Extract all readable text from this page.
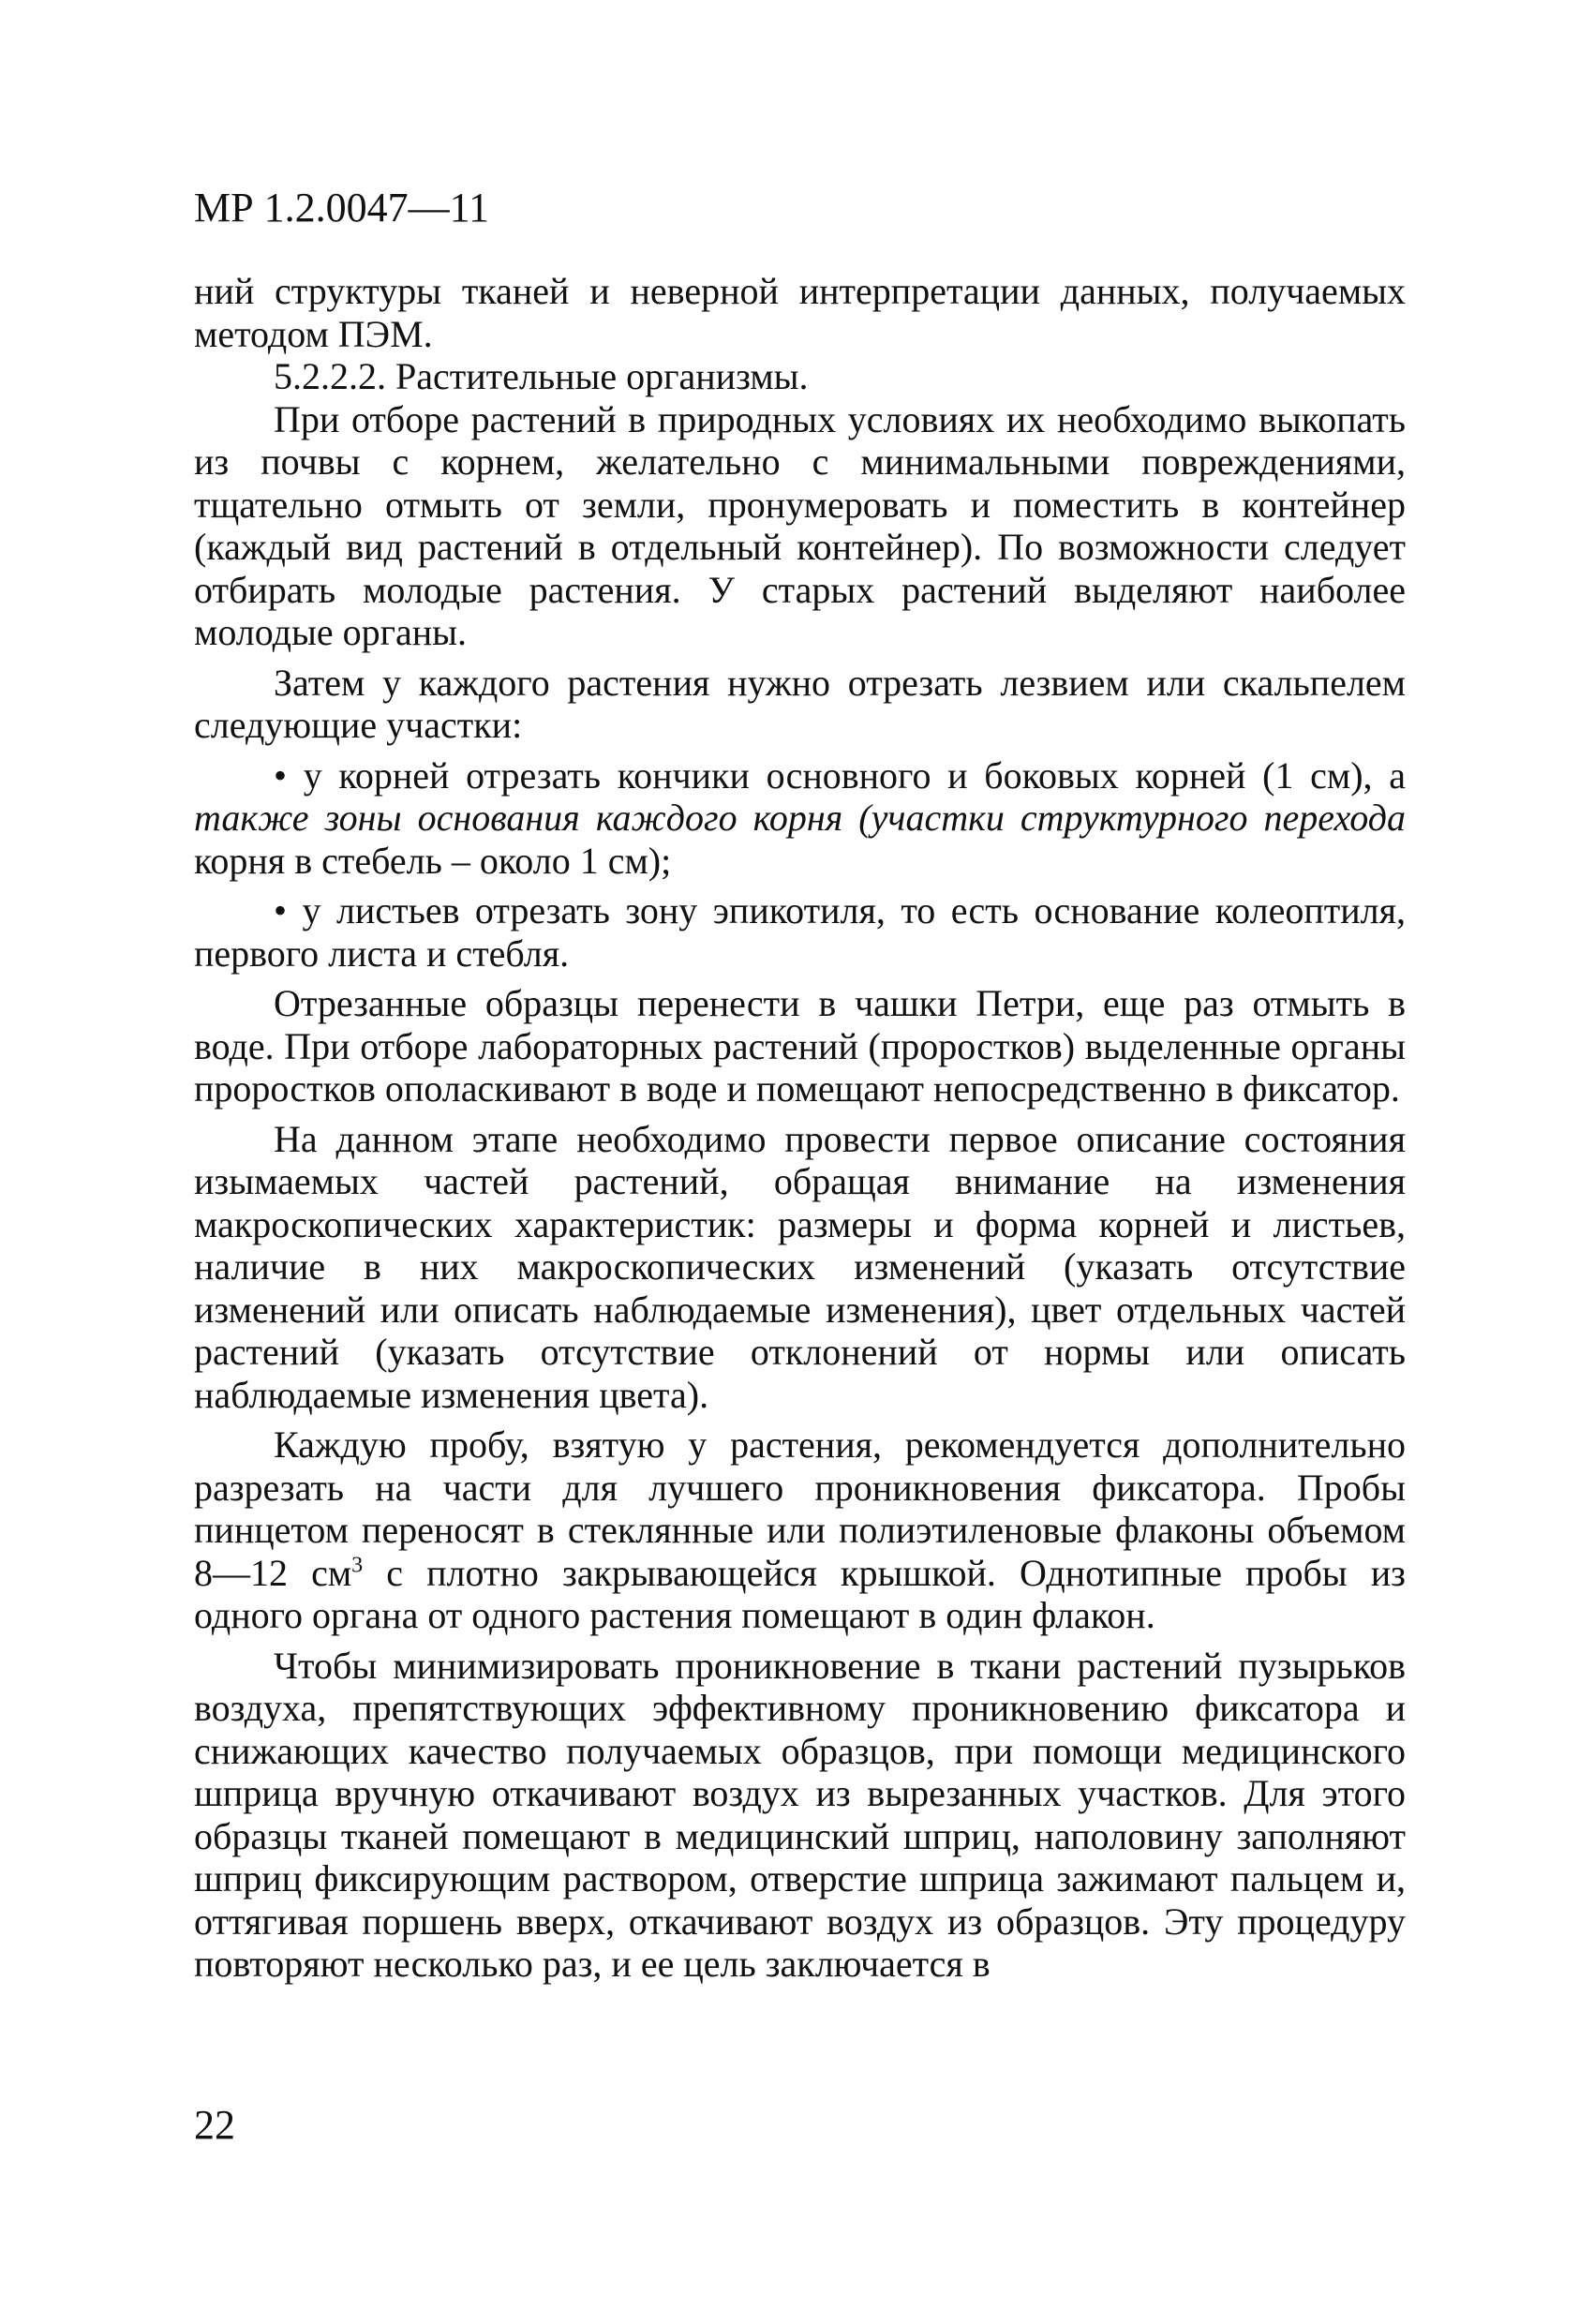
МР 1.2.0047—11

ний структуры тканей и неверной интерпретации данных, получаемых методом ПЭМ.

5.2.2.2. Растительные организмы.

При отборе растений в природных условиях их необходимо выкопать из почвы с корнем, желательно с минимальными повреждениями, тщательно отмыть от земли, пронумеровать и поместить в контейнер (каждый вид растений в отдельный контейнер). По возможности следует отбирать молодые растения. У старых растений выделяют наиболее молодые органы.

Затем у каждого растения нужно отрезать лезвием или скальпелем следующие участки:

• у корней отрезать кончики основного и боковых корней (1 см), а также зоны основания каждого корня (участки структурного перехода корня в стебель – около 1 см);

• у листьев отрезать зону эпикотиля, то есть основание колеоптиля, первого листа и стебля.

Отрезанные образцы перенести в чашки Петри, еще раз отмыть в воде. При отборе лабораторных растений (проростков) выделенные органы проростков ополаскивают в воде и помещают непосредственно в фиксатор.

На данном этапе необходимо провести первое описание состояния изымаемых частей растений, обращая внимание на изменения макроскопических характеристик: размеры и форма корней и листьев, наличие в них макроскопических изменений (указать отсутствие изменений или описать наблюдаемые изменения), цвет отдельных частей растений (указать отсутствие отклонений от нормы или описать наблюдаемые изменения цвета).

Каждую пробу, взятую у растения, рекомендуется дополнительно разрезать на части для лучшего проникновения фиксатора. Пробы пинцетом переносят в стеклянные или полиэтиленовые флаконы объемом 8—12 $см^3$ с плотно закрывающейся крышкой. Однотипные пробы из одного органа от одного растения помещают в один флакон.

Чтобы минимизировать проникновение в ткани растений пузырьков воздуха, препятствующих эффективному проникновению фиксатора и снижающих качество получаемых образцов, при помощи медицинского шприца вручную откачивают воздух из вырезанных участков. Для этого образцы тканей помещают в медицинский шприц, наполовину заполняют шприц фиксирующим раствором, отверстие шприца зажимают пальцем и, оттягивая поршень вверх, откачивают воздух из образцов. Эту процедуру повторяют несколько раз, и ее цель заключается в

22
